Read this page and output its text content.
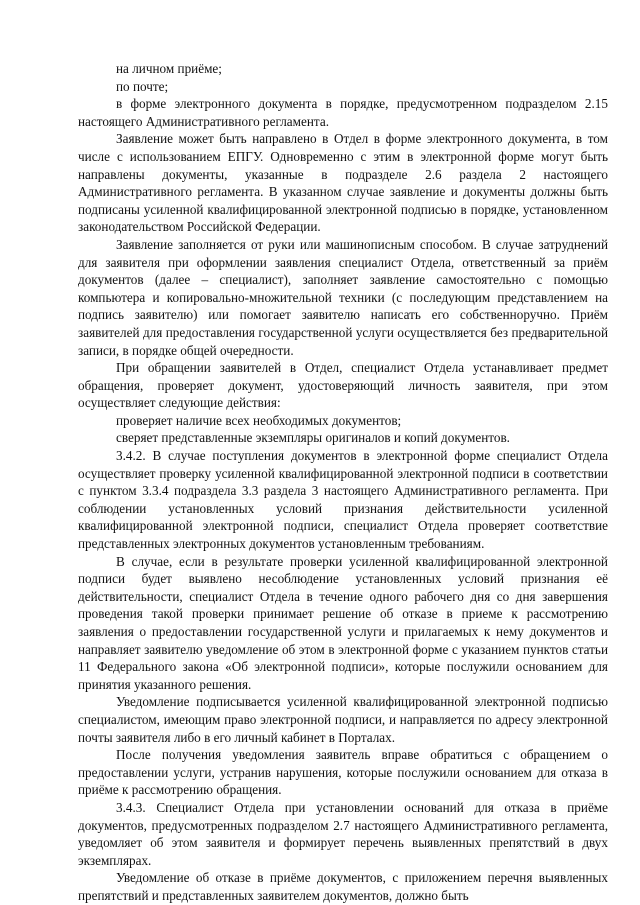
на личном приёме;

по почте;

в форме электронного документа в порядке, предусмотренном подразделом 2.15 настоящего Административного регламента.

Заявление может быть направлено в Отдел в форме электронного документа, в том числе с использованием ЕПГУ. Одновременно с этим в электронной форме могут быть направлены документы, указанные в подразделе 2.6 раздела 2 настоящего Административного регламента. В указанном случае заявление и документы должны быть подписаны усиленной квалифицированной электронной подписью в порядке, установленном законодательством Российской Федерации.

Заявление заполняется от руки или машинописным способом. В случае затруднений для заявителя при оформлении заявления специалист Отдела, ответственный за приём документов (далее – специалист), заполняет заявление самостоятельно с помощью компьютера и копировально-множительной техники (с последующим представлением на подпись заявителю) или помогает заявителю написать его собственноручно. Приём заявителей для предоставления государственной услуги осуществляется без предварительной записи, в порядке общей очередности.

При обращении заявителей в Отдел, специалист Отдела устанавливает предмет обращения, проверяет документ, удостоверяющий личность заявителя, при этом осуществляет следующие действия:

проверяет наличие всех необходимых документов;

сверяет представленные экземпляры оригиналов и копий документов.

3.4.2. В случае поступления документов в электронной форме специалист Отдела осуществляет проверку усиленной квалифицированной электронной подписи в соответствии с пунктом 3.3.4 подраздела 3.3 раздела 3 настоящего Административного регламента. При соблюдении установленных условий признания действительности усиленной квалифицированной электронной подписи, специалист Отдела проверяет соответствие представленных электронных документов установленным требованиям.

В случае, если в результате проверки усиленной квалифицированной электронной подписи будет выявлено несоблюдение установленных условий признания её действительности, специалист Отдела в течение одного рабочего дня со дня завершения проведения такой проверки принимает решение об отказе в приеме к рассмотрению заявления о предоставлении государственной услуги и прилагаемых к нему документов и направляет заявителю уведомление об этом в электронной форме с указанием пунктов статьи 11 Федерального закона «Об электронной подписи», которые послужили основанием для принятия указанного решения.

Уведомление подписывается усиленной квалифицированной электронной подписью специалистом, имеющим право электронной подписи, и направляется по адресу электронной почты заявителя либо в его личный кабинет в Порталах.

После получения уведомления заявитель вправе обратиться с обращением о предоставлении услуги, устранив нарушения, которые послужили основанием для отказа в приёме к рассмотрению обращения.

3.4.3. Специалист Отдела при установлении оснований для отказа в приёме документов, предусмотренных подразделом 2.7 настоящего Административного регламента, уведомляет об этом заявителя и формирует перечень выявленных препятствий в двух экземплярах.

Уведомление об отказе в приёме документов, с приложением перечня выявленных препятствий и представленных заявителем документов, должно быть
